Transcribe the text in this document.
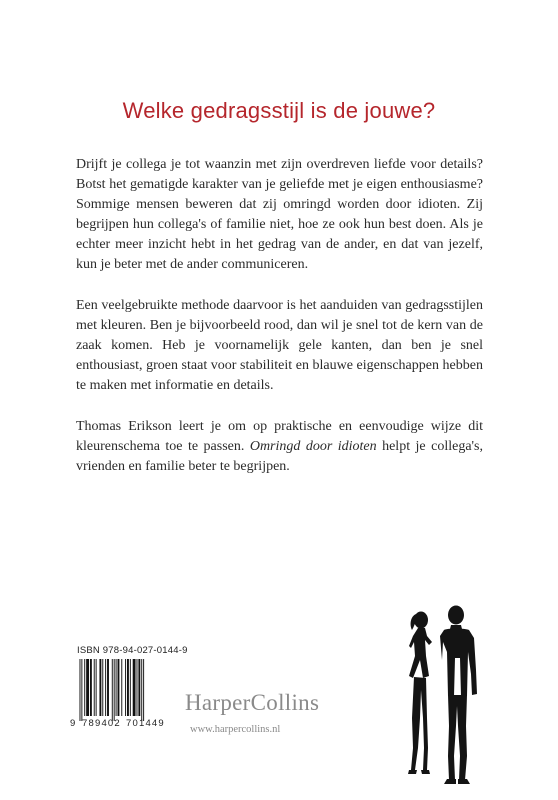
Welke gedragsstijl is de jouwe?

Drijft je collega je tot waanzin met zijn overdreven liefde voor details? Botst het gematigde karakter van je geliefde met je eigen enthousiasme? Sommige mensen beweren dat zij omringd worden door idioten. Zij begrijpen hun collega's of familie niet, hoe ze ook hun best doen. Als je echter meer inzicht hebt in het gedrag van de ander, en dat van jezelf, kun je beter met de ander communiceren.

Een veelgebruikte methode daarvoor is het aanduiden van gedragsstijlen met kleuren. Ben je bijvoorbeeld rood, dan wil je snel tot de kern van de zaak komen. Heb je voornamelijk gele kanten, dan ben je snel enthousiast, groen staat voor stabiliteit en blauwe eigenschappen hebben te maken met informatie en details.

Thomas Erikson leert je om op praktische en eenvoudige wijze dit kleurenschema toe te passen. Omringd door idioten helpt je collega's, vrienden en familie beter te begrijpen.

ISBN 978-94-027-0144-9
9 789402 701449
HarperCollins
www.harpercollins.nl
